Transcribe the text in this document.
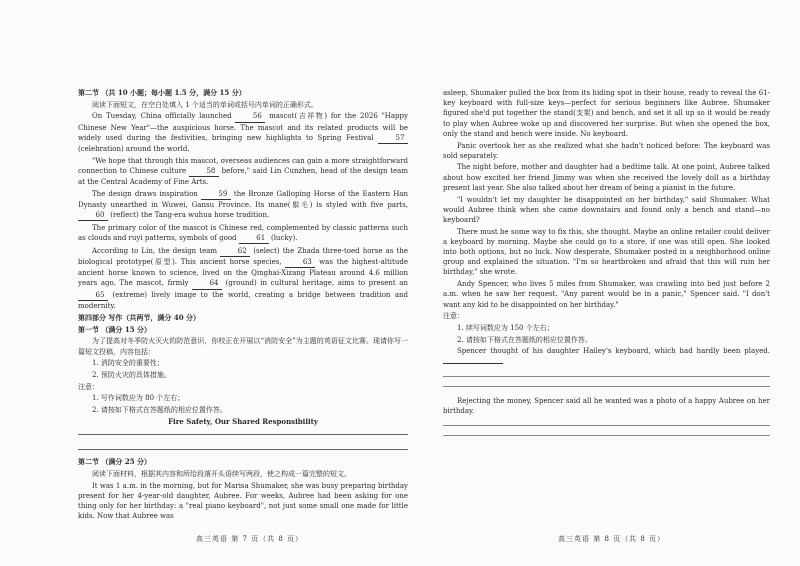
第二节 （共 10 小题；每小题 1.5 分，满分 15 分）

阅读下面短文，在空白处填入 1 个适当的单词或括号内单词的正确形式。

On Tuesday, China officially launched	56 mascot(吉祥物) for the 2026 "Happy Chinese New Year"—the auspicious horse. The mascot and its related products will be widely used during the festivities, bringing new highlights to Spring Festival	57 (celebration) around the world.

"We hope that through this mascot, overseas audiences can gain a more straightforward connection to Chinese culture	58 before," said Lin Cunzhen, head of the design team at the Central Academy of Fine Arts.

The design draws inspiration	59 the Bronze Galloping Horse of the Eastern Han Dynasty unearthed in Wuwei, Gansu Province. Its mane(鬃毛) is styled with five parts, 60 (reflect) the Tang-era wuhua horse tradition.

The primary color of the mascot is Chinese red, complemented by classic patterns such as clouds and ruyi patterns, symbols of good	61 (lucky).

According to Lin, the design team	62 (select) the Zhada three-toed horse as the biological prototype(原型). This ancient horse species,	63 was the highest-altitude ancient horse known to science, lived on the Qinghai-Xizang Plateau around 4.6 million years ago. The mascot, firmly	64 (ground) in cultural heritage, aims to present an 65 (extreme) lively image to the world, creating a bridge between tradition and modernity.

第四部分 写作（共两节，满分 40 分）

第一节 （满分 15 分）

为了提高对冬季防火灭火的防范意识，你校正在开展以“消防安全”为主题的英语征文比赛。现请你写一篇短文投稿，内容包括：

1. 消防安全的重要性；

2. 预防火灾的具体措施。

注意：

1. 写作词数应为 80 个左右；

2. 请按如下格式在答题纸的相应位置作答。

Fire Safety, Our Shared Responsibility

第二节 （满分 25 分）

阅读下面材料，根据其内容和所给段落开头语续写两段，使之构成一篇完整的短文。

It was 1 a.m. in the morning, but for Marisa Shumaker, she was busy preparing birthday present for her 4-year-old daughter, Aubree. For weeks, Aubree had been asking for one thing only for her birthday: a "real piano keyboard", not just some small one made for little kids. Now that Aubree was

asleep, Shumaker pulled the box from its hiding spot in their house, ready to reveal the 61-key keyboard with full-size keys—perfect for serious beginners like Aubree. Shumaker figured she'd put together the stand(支架) and bench, and set it all up so it would be ready to play when Aubree woke up and discovered her surprise. But when she opened the box, only the stand and bench were inside. No keyboard.

Panic overtook her as she realized what she hadn't noticed before: The keyboard was sold separately.

The night before, mother and daughter had a bedtime talk. At one point, Aubree talked about how excited her friend Jimmy was when she received the lovely doll as a birthday present last year. She also talked about her dream of being a pianist in the future.

"I wouldn't let my daughter be disappointed on her birthday," said Shumaker. What would Aubree think when she came downstairs and found only a bench and stand—no keyboard?

There must be some way to fix this, she thought. Maybe an online retailer could deliver a keyboard by morning. Maybe she could go to a store, if one was still open. She looked into both options, but no luck. Now desperate, Shumaker posted in a neighborhood online group and explained the situation. "I'm so heartbroken and afraid that this will ruin her birthday," she wrote.

Andy Spencer, who lives 5 miles from Shumaker, was crawling into bed just before 2 a.m. when he saw her request. "Any parent would be in a panic," Spencer said. "I don't want any kid to be disappointed on her birthday."

注意：

1. 续写词数应为 150 个左右；

2. 请按如下格式在答题纸的相应位置作答。

Spencer thought of his daughter Hailey's keyboard, which had hardly been played.

Rejecting the money, Spencer said all he wanted was a photo of a happy Aubree on her birthday.

高三英语 第 7 页（共 8 页）	高三英语 第 8 页（共 8 页）
